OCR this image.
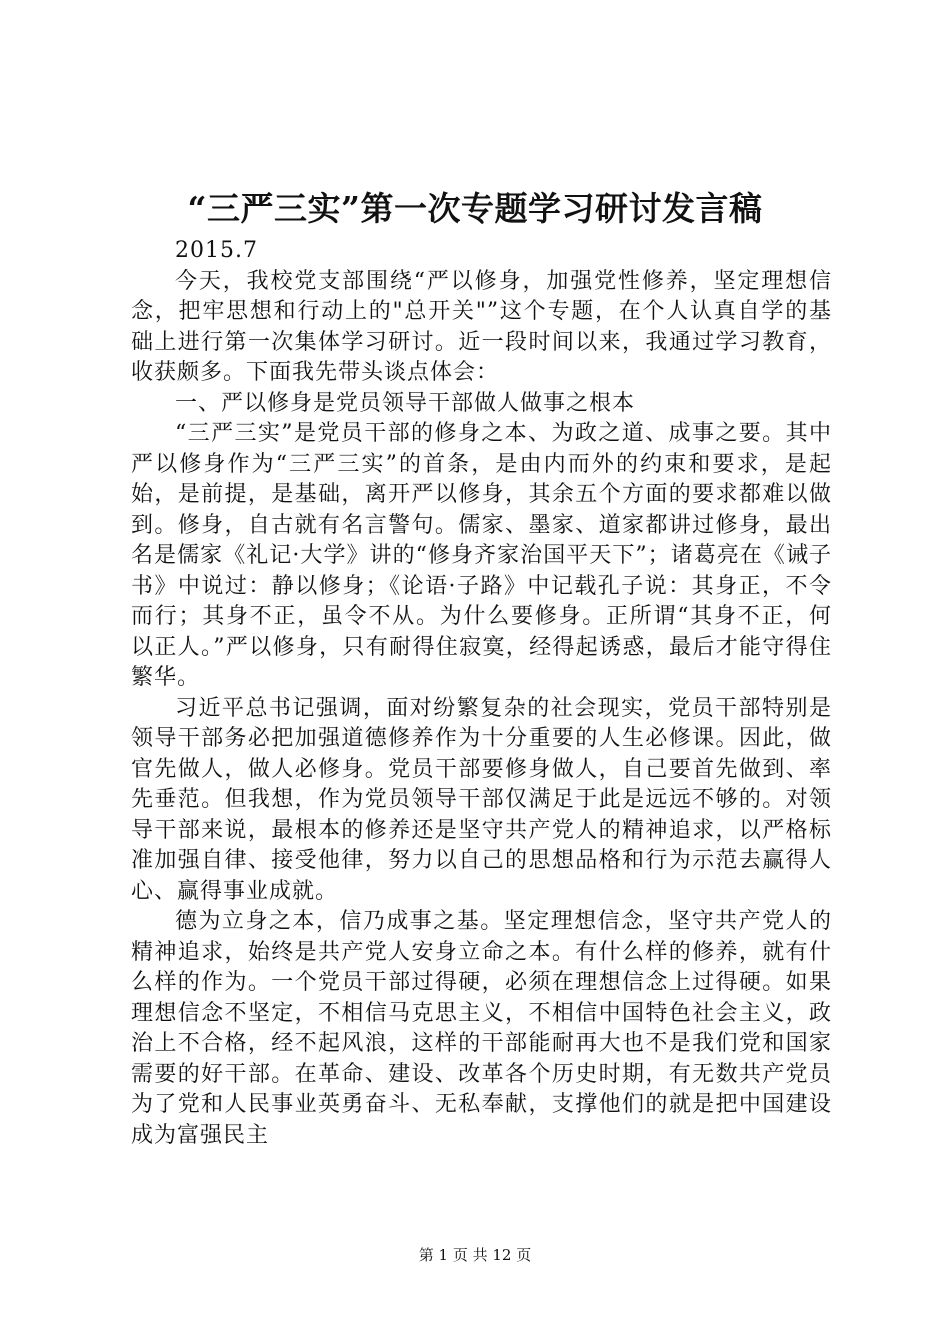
“三严三实”第一次专题学习研讨发言稿

2015.7

今天，我校党支部围绕“严以修身，加强党性修养，坚定理想信念，把牢思想和行动上的"总开关"”这个专题，在个人认真自学的基础上进行第一次集体学习研讨。近一段时间以来，我通过学习教育，收获颇多。下面我先带头谈点体会：

一、严以修身是党员领导干部做人做事之根本

“三严三实”是党员干部的修身之本、为政之道、成事之要。其中严以修身作为“三严三实”的首条，是由内而外的约束和要求，是起始，是前提，是基础，离开严以修身，其余五个方面的要求都难以做到。修身，自古就有名言警句。儒家、墨家、道家都讲过修身，最出名是儒家《礼记·大学》讲的“修身齐家治国平天下”；诸葛亮在《诫子书》中说过：静以修身；《论语·子路》中记载孔子说：其身正，不令而行；其身不正，虽令不从。为什么要修身。正所谓“其身不正，何以正人。”严以修身，只有耐得住寂寞，经得起诱惑，最后才能守得住繁华。

习近平总书记强调，面对纷繁复杂的社会现实，党员干部特别是领导干部务必把加强道德修养作为十分重要的人生必修课。因此，做官先做人，做人必修身。党员干部要修身做人，自己要首先做到、率先垂范。但我想，作为党员领导干部仅满足于此是远远不够的。对领导干部来说，最根本的修养还是坚守共产党人的精神追求，以严格标准加强自律、接受他律，努力以自己的思想品格和行为示范去赢得人心、赢得事业成就。

德为立身之本，信乃成事之基。坚定理想信念，坚守共产党人的精神追求，始终是共产党人安身立命之本。有什么样的修养，就有什么样的作为。一个党员干部过得硬，必须在理想信念上过得硬。如果理想信念不坚定，不相信马克思主义，不相信中国特色社会主义，政治上不合格，经不起风浪，这样的干部能耐再大也不是我们党和国家需要的好干部。在革命、建设、改革各个历史时期，有无数共产党员为了党和人民事业英勇奋斗、无私奉献，支撑他们的就是把中国建设成为富强民主

第 1 页 共 12 页
